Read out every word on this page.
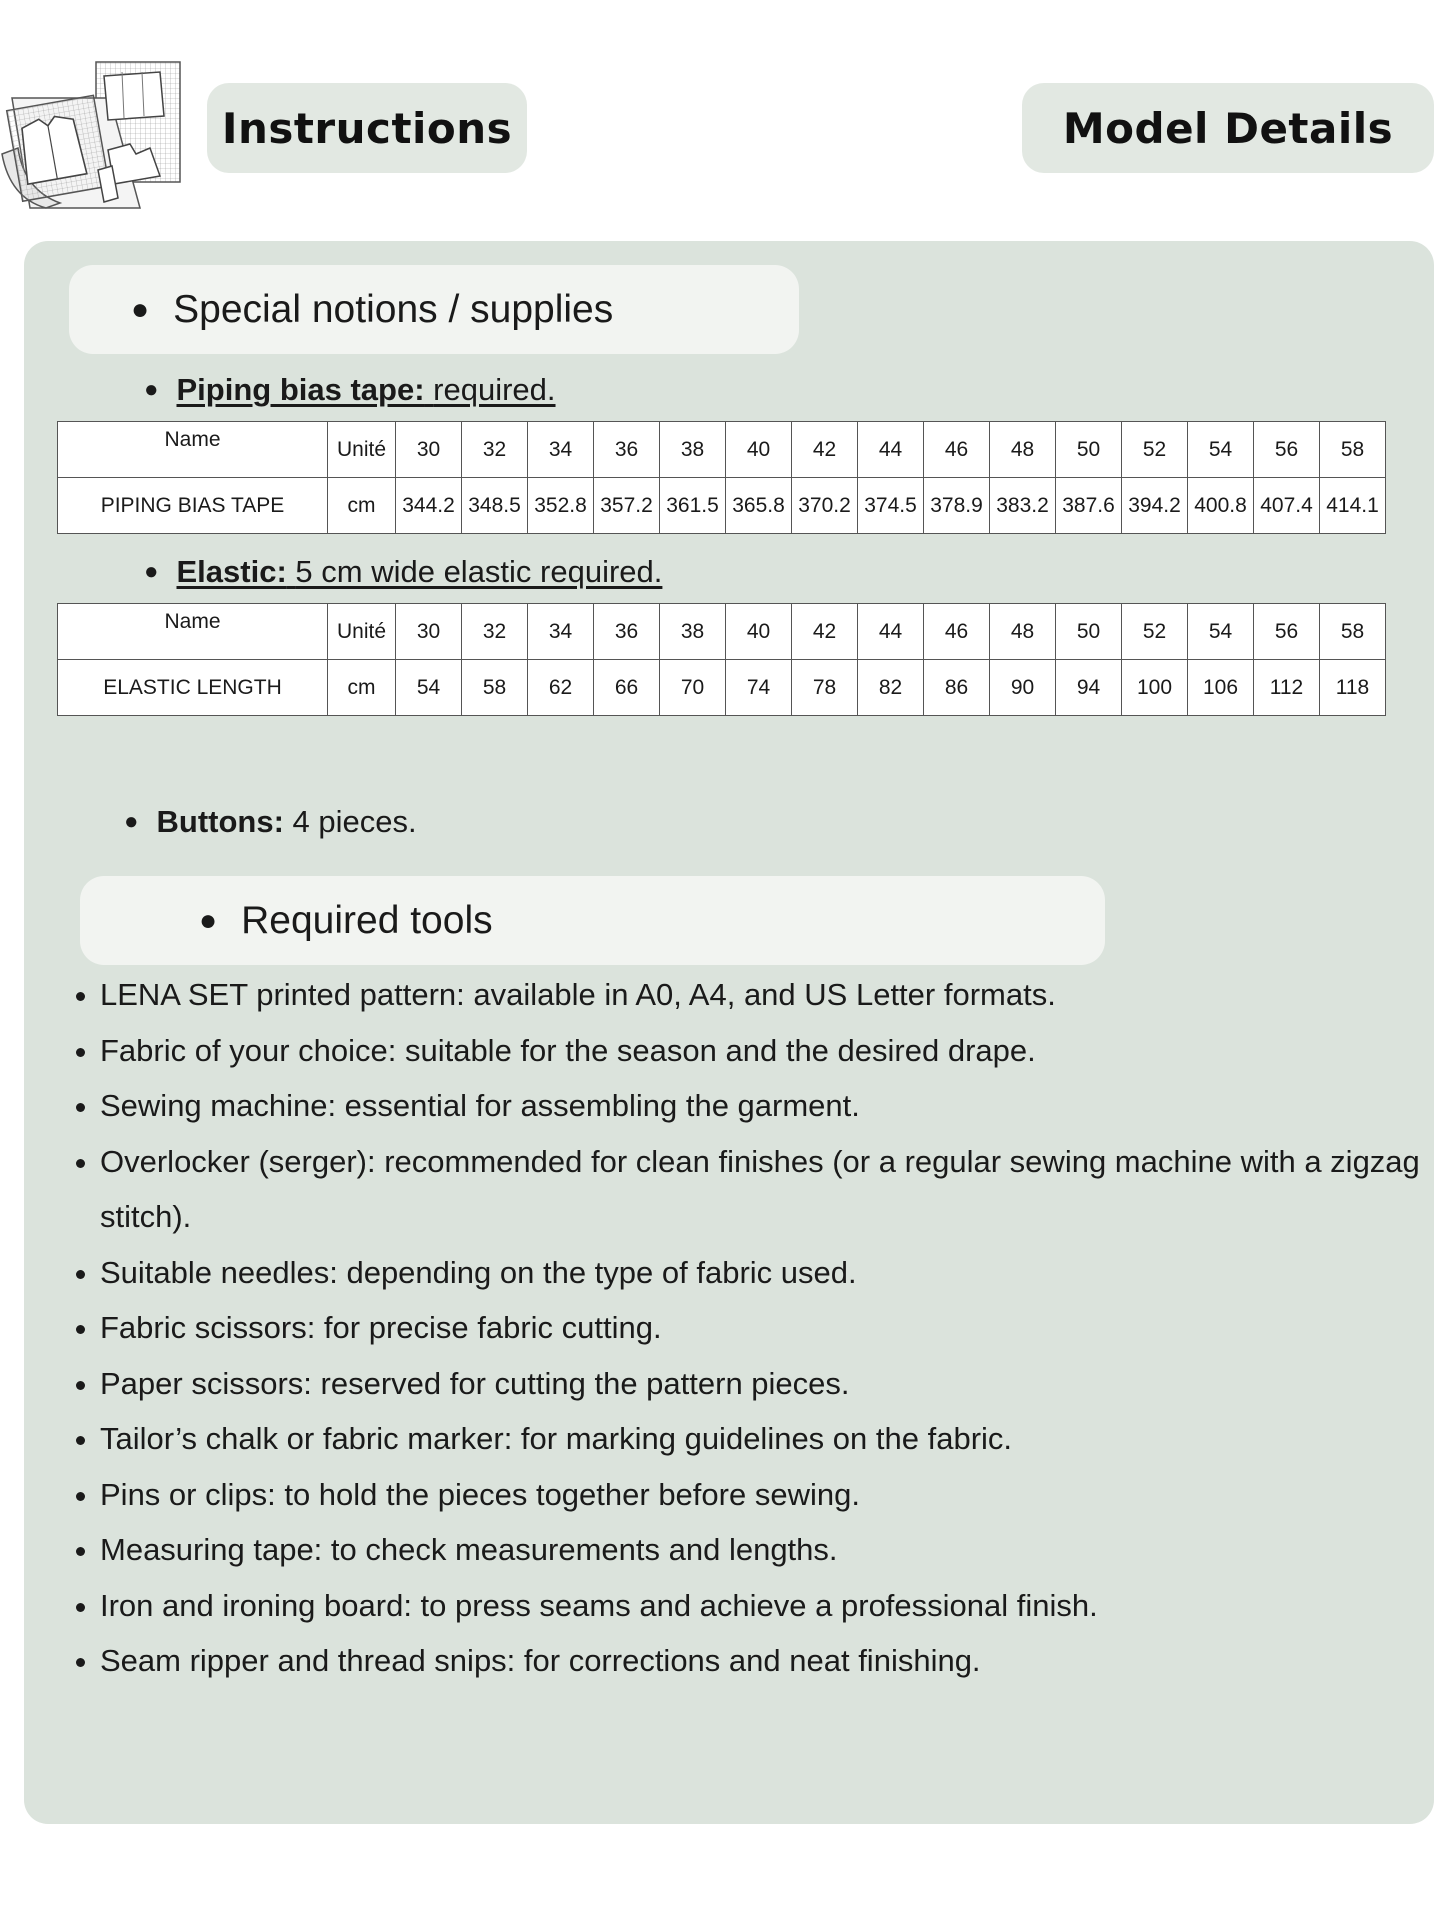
Instructions	Model Details
● Special notions / supplies
● Piping bias tape: required.
Name	Unité	30	32	34	36	38	40	42	44	46	48	50	52	54	56	58
PIPING BIAS TAPE	cm	344.2	348.5	352.8	357.2	361.5	365.8	370.2	374.5	378.9	383.2	387.6	394.2	400.8	407.4	414.1
● Elastic: 5 cm wide elastic required.
Name	Unité	30	32	34	36	38	40	42	44	46	48	50	52	54	56	58
ELASTIC LENGTH	cm	54	58	62	66	70	74	78	82	86	90	94	100	106	112	118
● Buttons: 4 pieces.
● Required tools
• LENA SET printed pattern: available in A0, A4, and US Letter formats.
• Fabric of your choice: suitable for the season and the desired drape.
• Sewing machine: essential for assembling the garment.
• Overlocker (serger): recommended for clean finishes (or a regular sewing machine with a zigzag stitch).
• Suitable needles: depending on the type of fabric used.
• Fabric scissors: for precise fabric cutting.
• Paper scissors: reserved for cutting the pattern pieces.
• Tailor’s chalk or fabric marker: for marking guidelines on the fabric.
• Pins or clips: to hold the pieces together before sewing.
• Measuring tape: to check measurements and lengths.
• Iron and ironing board: to press seams and achieve a professional finish.
• Seam ripper and thread snips: for corrections and neat finishing.
